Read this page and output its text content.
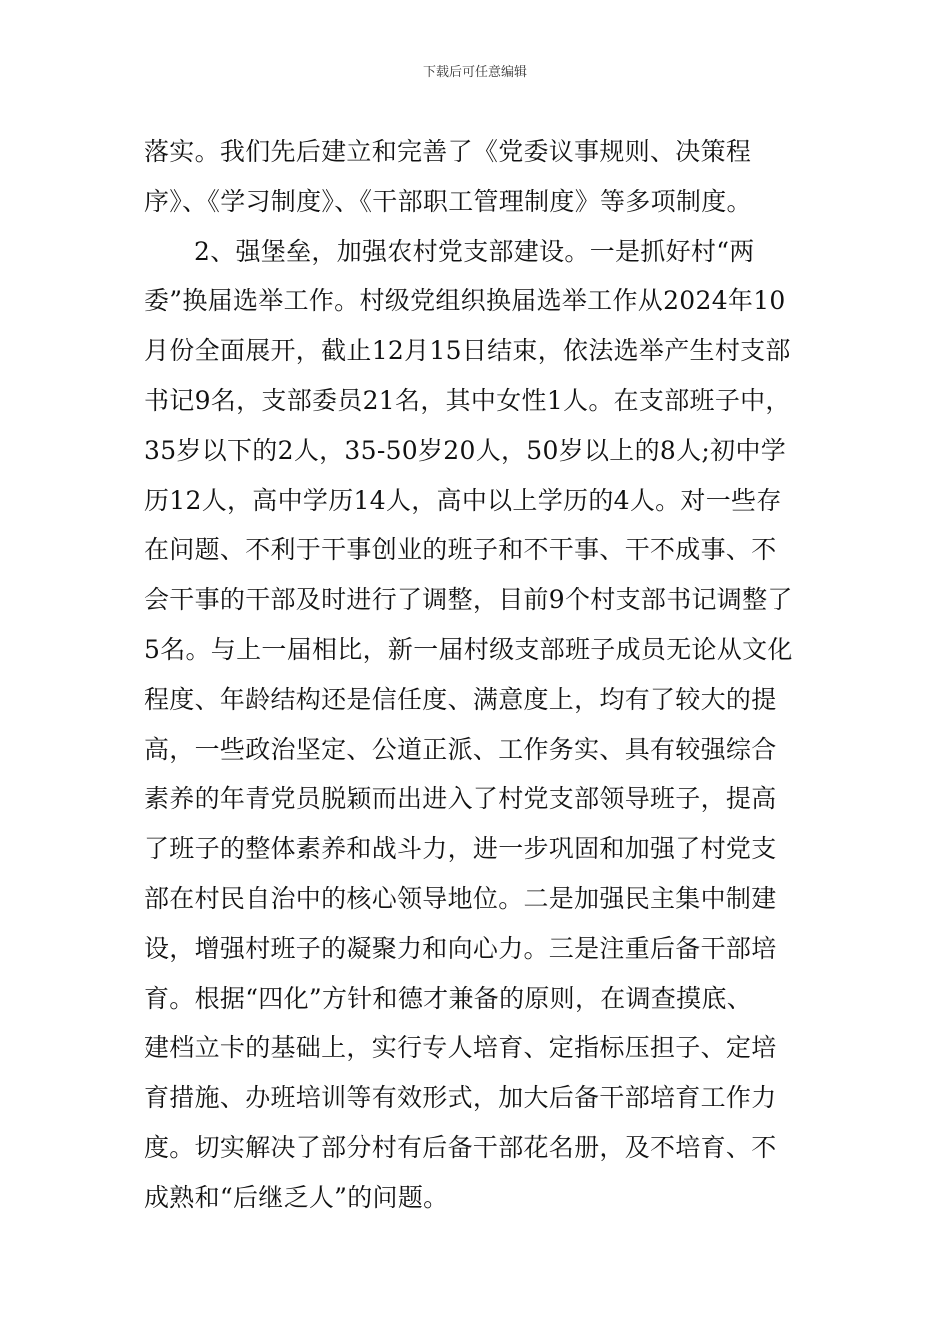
下载后可任意编辑
落实。我们先后建立和完善了《党委议事规则、决策程
序》、《学习制度》、《干部职工管理制度》等多项制度。
2、强堡垒，加强农村党支部建设。一是抓好村“两
委”换届选举工作。村级党组织换届选举工作从2024年10
月份全面展开，截止12月15日结束，依法选举产生村支部
书记9名，支部委员21名，其中女性1人。在支部班子中，
35岁以下的2人，35-50岁20人，50岁以上的8人;初中学
历12人，高中学历14人，高中以上学历的4人。对一些存
在问题、不利于干事创业的班子和不干事、干不成事、不
会干事的干部及时进行了调整，目前9个村支部书记调整了
5名。与上一届相比，新一届村级支部班子成员无论从文化
程度、年龄结构还是信任度、满意度上，均有了较大的提
高，一些政治坚定、公道正派、工作务实、具有较强综合
素养的年青党员脱颖而出进入了村党支部领导班子，提高
了班子的整体素养和战斗力，进一步巩固和加强了村党支
部在村民自治中的核心领导地位。二是加强民主集中制建
设，增强村班子的凝聚力和向心力。三是注重后备干部培
育。根据“四化”方针和德才兼备的原则，在调查摸底、
建档立卡的基础上，实行专人培育、定指标压担子、定培
育措施、办班培训等有效形式，加大后备干部培育工作力
度。切实解决了部分村有后备干部花名册，及不培育、不
成熟和“后继乏人”的问题。
